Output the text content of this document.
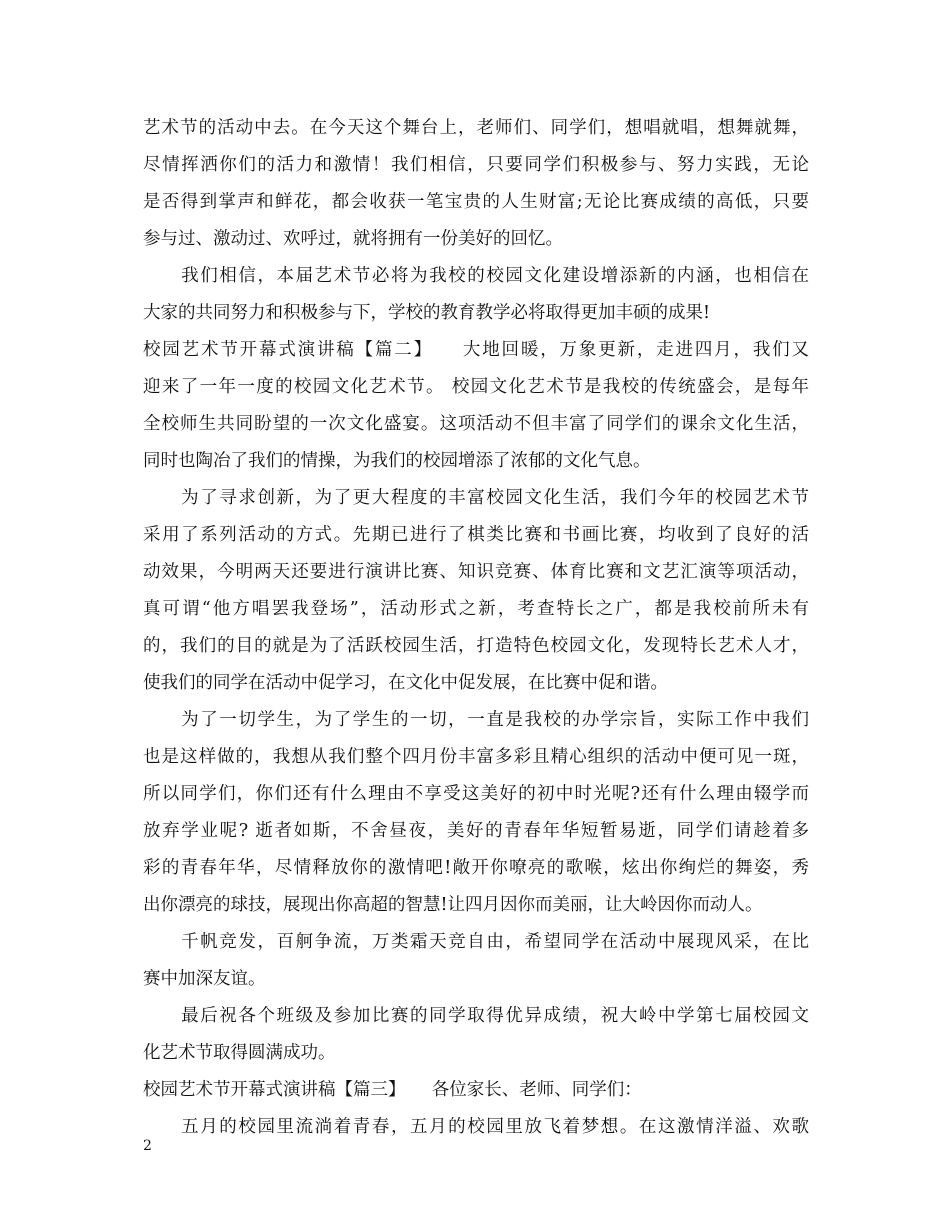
艺术节的活动中去。在今天这个舞台上，老师们、同学们，想唱就唱，想舞就舞，
尽情挥洒你们的活力和激情！我们相信，只要同学们积极参与、努力实践，无论
是否得到掌声和鲜花，都会收获一笔宝贵的人生财富;无论比赛成绩的高低，只要
参与过、激动过、欢呼过，就将拥有一份美好的回忆。
　　我们相信，本届艺术节必将为我校的校园文化建设增添新的内涵，也相信在
大家的共同努力和积极参与下，学校的教育教学必将取得更加丰硕的成果!
校园艺术节开幕式演讲稿【篇二】　　大地回暖，万象更新，走进四月，我们又
迎来了一年一度的校园文化艺术节。 校园文化艺术节是我校的传统盛会，是每年
全校师生共同盼望的一次文化盛宴。这项活动不但丰富了同学们的课余文化生活，
同时也陶冶了我们的情操，为我们的校园增添了浓郁的文化气息。
　　为了寻求创新，为了更大程度的丰富校园文化生活，我们今年的校园艺术节
采用了系列活动的方式。先期已进行了棋类比赛和书画比赛，均收到了良好的活
动效果，今明两天还要进行演讲比赛、知识竞赛、体育比赛和文艺汇演等项活动，
真可谓“他方唱罢我登场”，活动形式之新，考查特长之广，都是我校前所未有
的，我们的目的就是为了活跃校园生活，打造特色校园文化，发现特长艺术人才，
使我们的同学在活动中促学习，在文化中促发展，在比赛中促和谐。
　　为了一切学生，为了学生的一切，一直是我校的办学宗旨，实际工作中我们
也是这样做的，我想从我们整个四月份丰富多彩且精心组织的活动中便可见一斑，
所以同学们，你们还有什么理由不享受这美好的初中时光呢?还有什么理由辍学而
放弃学业呢? 逝者如斯，不舍昼夜，美好的青春年华短暂易逝，同学们请趁着多
彩的青春年华，尽情释放你的激情吧!敞开你嘹亮的歌喉，炫出你绚烂的舞姿，秀
出你漂亮的球技，展现出你高超的智慧!让四月因你而美丽，让大岭因你而动人。
　　千帆竞发，百舸争流，万类霜天竞自由，希望同学在活动中展现风采，在比
赛中加深友谊。
　　最后祝各个班级及参加比赛的同学取得优异成绩，祝大岭中学第七届校园文
化艺术节取得圆满成功。
校园艺术节开幕式演讲稿【篇三】　　各位家长、老师、同学们：
　　五月的校园里流淌着青春，五月的校园里放飞着梦想。在这激情洋溢、欢歌
2
